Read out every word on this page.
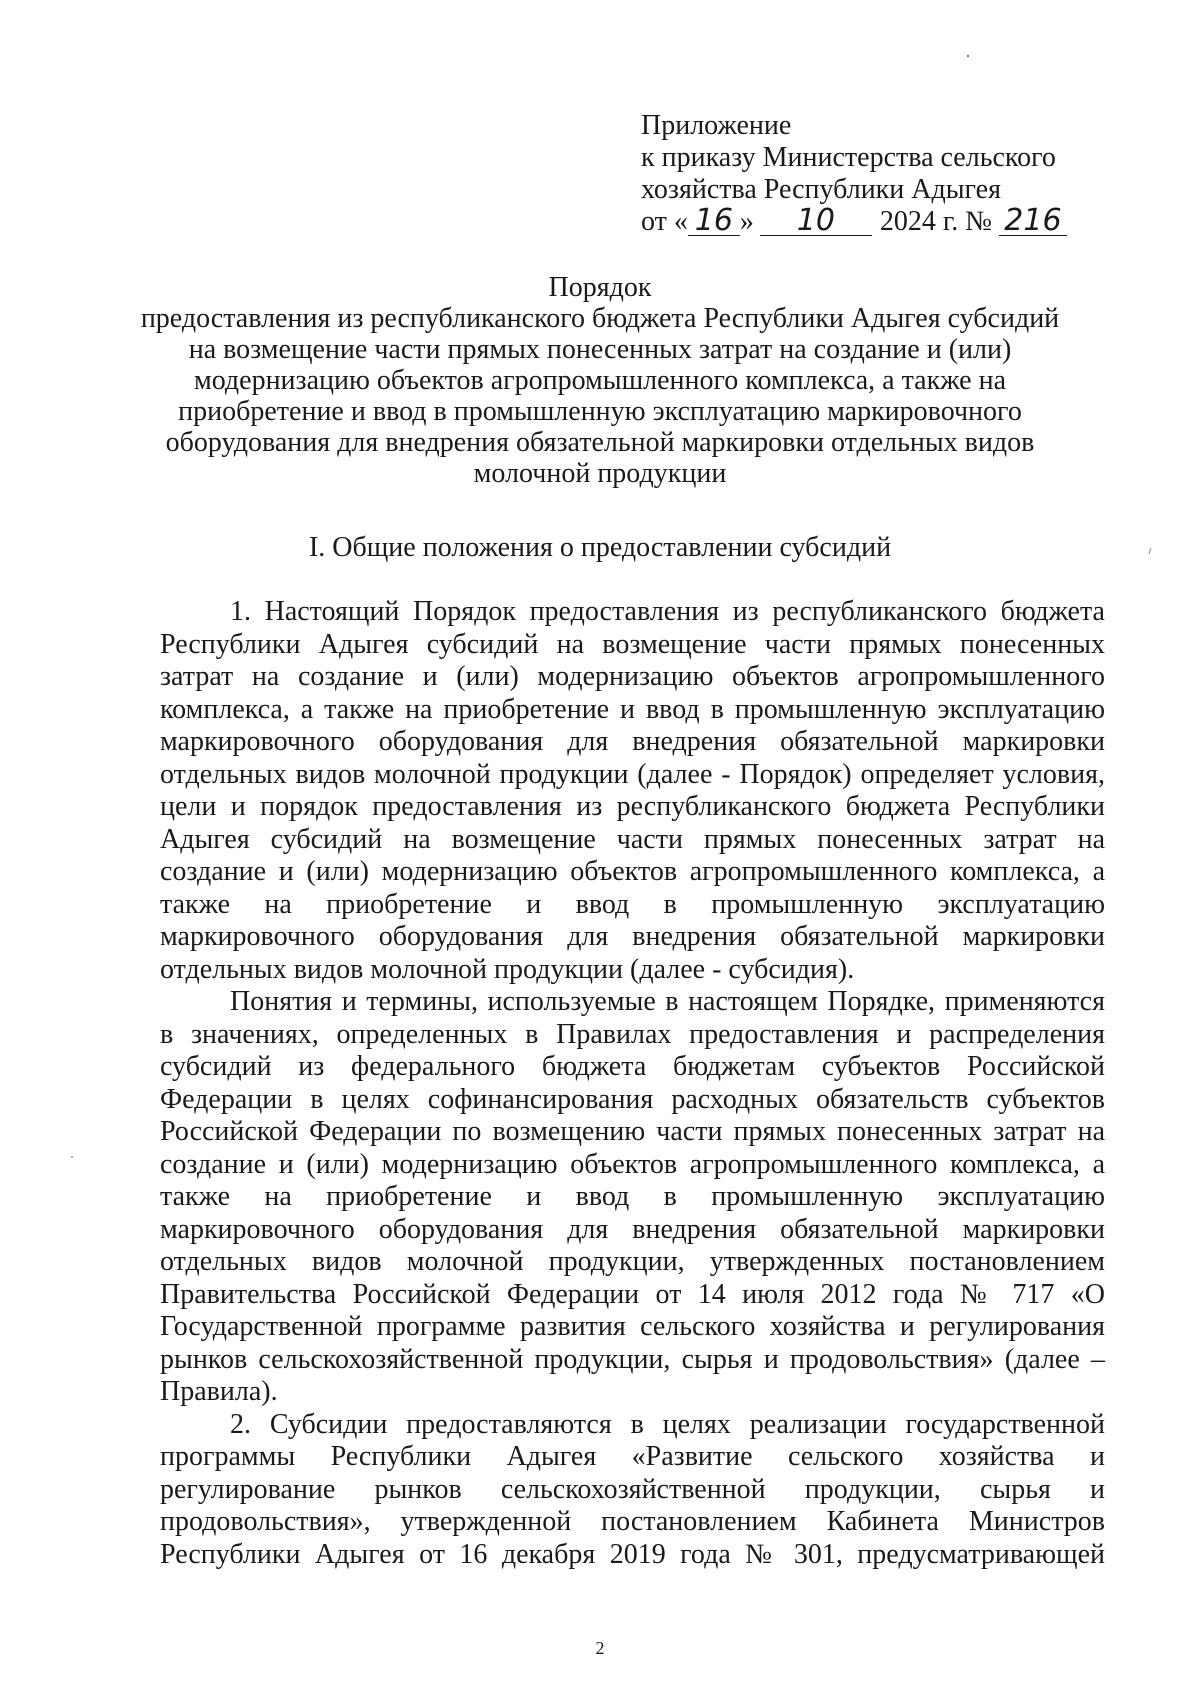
Приложение
к приказу Министерства сельского
хозяйства Республики Адыгея
от « 16 » 10 2024 г. № 216
Порядок
предоставления из республиканского бюджета Республики Адыгея субсидий
на возмещение части прямых понесенных затрат на создание и (или)
модернизацию объектов агропромышленного комплекса, а также на
приобретение и ввод в промышленную эксплуатацию маркировочного
оборудования для внедрения обязательной маркировки отдельных видов
молочной продукции
I. Общие положения о предоставлении субсидий

1. Настоящий Порядок предоставления из республиканского бюджета

Республики Адыгея субсидий на возмещение части прямых понесенных

затрат на создание и (или) модернизацию объектов агропромышленного

комплекса, а также на приобретение и ввод в промышленную эксплуатацию

маркировочного оборудования для внедрения обязательной маркировки

отдельных видов молочной продукции (далее - Порядок) определяет условия,

цели и порядок предоставления из республиканского бюджета Республики

Адыгея субсидий на возмещение части прямых понесенных затрат на

создание и (или) модернизацию объектов агропромышленного комплекса, а

также на приобретение и ввод в промышленную эксплуатацию

маркировочного оборудования для внедрения обязательной маркировки

отдельных видов молочной продукции (далее - субсидия).

Понятия и термины, используемые в настоящем Порядке, применяются

в значениях, определенных в Правилах предоставления и распределения

субсидий из федерального бюджета бюджетам субъектов Российской

Федерации в целях софинансирования расходных обязательств субъектов

Российской Федерации по возмещению части прямых понесенных затрат на

создание и (или) модернизацию объектов агропромышленного комплекса, а

также на приобретение и ввод в промышленную эксплуатацию

маркировочного оборудования для внедрения обязательной маркировки

отдельных видов молочной продукции, утвержденных постановлением

Правительства Российской Федерации от 14 июля 2012 года № 717 «О

Государственной программе развития сельского хозяйства и регулирования

рынков сельскохозяйственной продукции, сырья и продовольствия» (далее –

Правила).

2. Субсидии предоставляются в целях реализации государственной

программы Республики Адыгея «Развитие сельского хозяйства и

регулирование рынков сельскохозяйственной продукции, сырья и

продовольствия», утвержденной постановлением Кабинета Министров

Республики Адыгея от 16 декабря 2019 года № 301, предусматривающей

2
